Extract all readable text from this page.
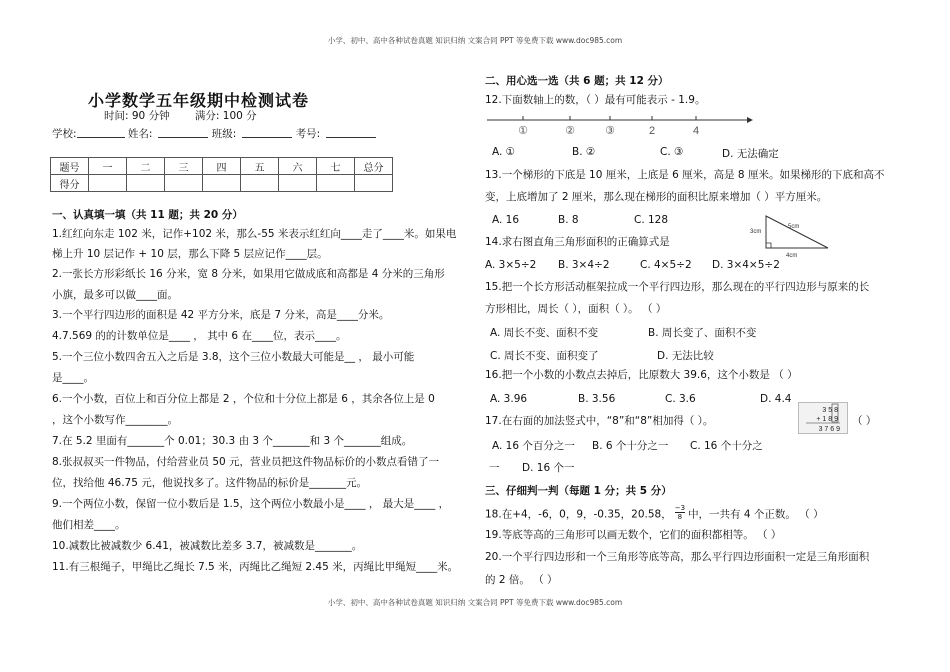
小学、初中、高中各种试卷真题 知识归纳 文案合同 PPT 等免费下载 www.doc985.com
小学数学五年级期中检测试卷
时间: 90 分钟 满分: 100 分
学校:	姓名:	班级:	考号:
题号	一	二	三	四	五	六	七	总分
得分								
一、认真填一填（共 11 题；共 20 分）
1.红红向东走 102 米，记作+102 米，那么-55 米表示红红向____走了____米。如果电
梯上升 10 层记作 + 10 层，那么下降 5 层应记作____层。
2.一张长方形彩纸长 16 分米，宽 8 分米，如果用它做成底和高都是 4 分米的三角形
小旗，最多可以做____面。
3.一个平行四边形的面积是 42 平方分米，底是 7 分米，高是____分米。
4.7.569 的的计数单位是____ ， 其中 6 在____位，表示____。
5.一个三位小数四舍五入之后是 3.8，这个三位小数最大可能是__ ， 最小可能
是____。
6.一个小数，百位上和百分位上都是 2 ，个位和十分位上都是 6 ，其余各位上是 0
，这个小数写作________。
7.在 5.2 里面有_______个 0.01；30.3 由 3 个_______和 3 个_______组成。
8.张叔叔买一件物品，付给营业员 50 元，营业员把这件物品标价的小数点看错了一
位，找给他 46.75 元，他说找多了。这件物品的标价是_______元。
9.一个两位小数，保留一位小数后是 1.5，这个两位小数最小是____ ， 最大是____ ，
他们相差____。
10.减数比被减数少 6.41，被减数比差多 3.7，被减数是_______。
11.有三根绳子，甲绳比乙绳长 7.5 米，丙绳比乙绳短 2.45 米，丙绳比甲绳短____米。
二、用心选一选（共 6 题；共 12 分）
12.下面数轴上的数，（ ）最有可能表示 - 1.9。
①	②	③	2	4
A. ①	B. ②	C. ③	D. 无法确定
13.一个梯形的下底是 10 厘米，上底是 6 厘米，高是 8 厘米。如果梯形的下底和高不
变，上底增加了 2 厘米，那么现在梯形的面积比原来增加（ ）平方厘米。
A. 16	B. 8	C. 128
3cm
5cm
4cm
14.求右图直角三角形面积的正确算式是
A. 3×5÷2 B. 3×4÷2	C. 4×5÷2 D. 3×4×5÷2
15.把一个长方形活动框架拉成一个平行四边形，那么现在的平行四边形与原来的长
方形相比，周长（ ），面积（ ）。 （ ）
A. 周长不变、面积不变	B. 周长变了、面积不变
C. 周长不变、面积变了	D. 无法比较
16.把一个小数的小数点去掉后，比原数大 39.6，这个小数是 （ ）
A. 3.96	B. 3.56	C. 3.6	D. 4.4
17.在右面的加法竖式中，“8”和“8”相加得（ ）。
3 5 8
+ 1 8 9
3 7 6 9
（ ）
A. 16 个百分之一 B. 6 个十分之一 C. 16 个十分之
一 D. 16 个一
三、仔细判一判（每题 1 分；共 5 分）
18.在+4，-6，0，9，-0.35，20.58， $\frac{-3}{8}$ 中，一共有 4 个正数。 （ ）
19.等底等高的三角形可以画无数个，它们的面积都相等。 （ ）
20.一个平行四边形和一个三角形等底等高，那么平行四边形面积一定是三角形面积
的 2 倍。 （ ）
小学、初中、高中各种试卷真题 知识归纳 文案合同 PPT 等免费下载 www.doc985.com
